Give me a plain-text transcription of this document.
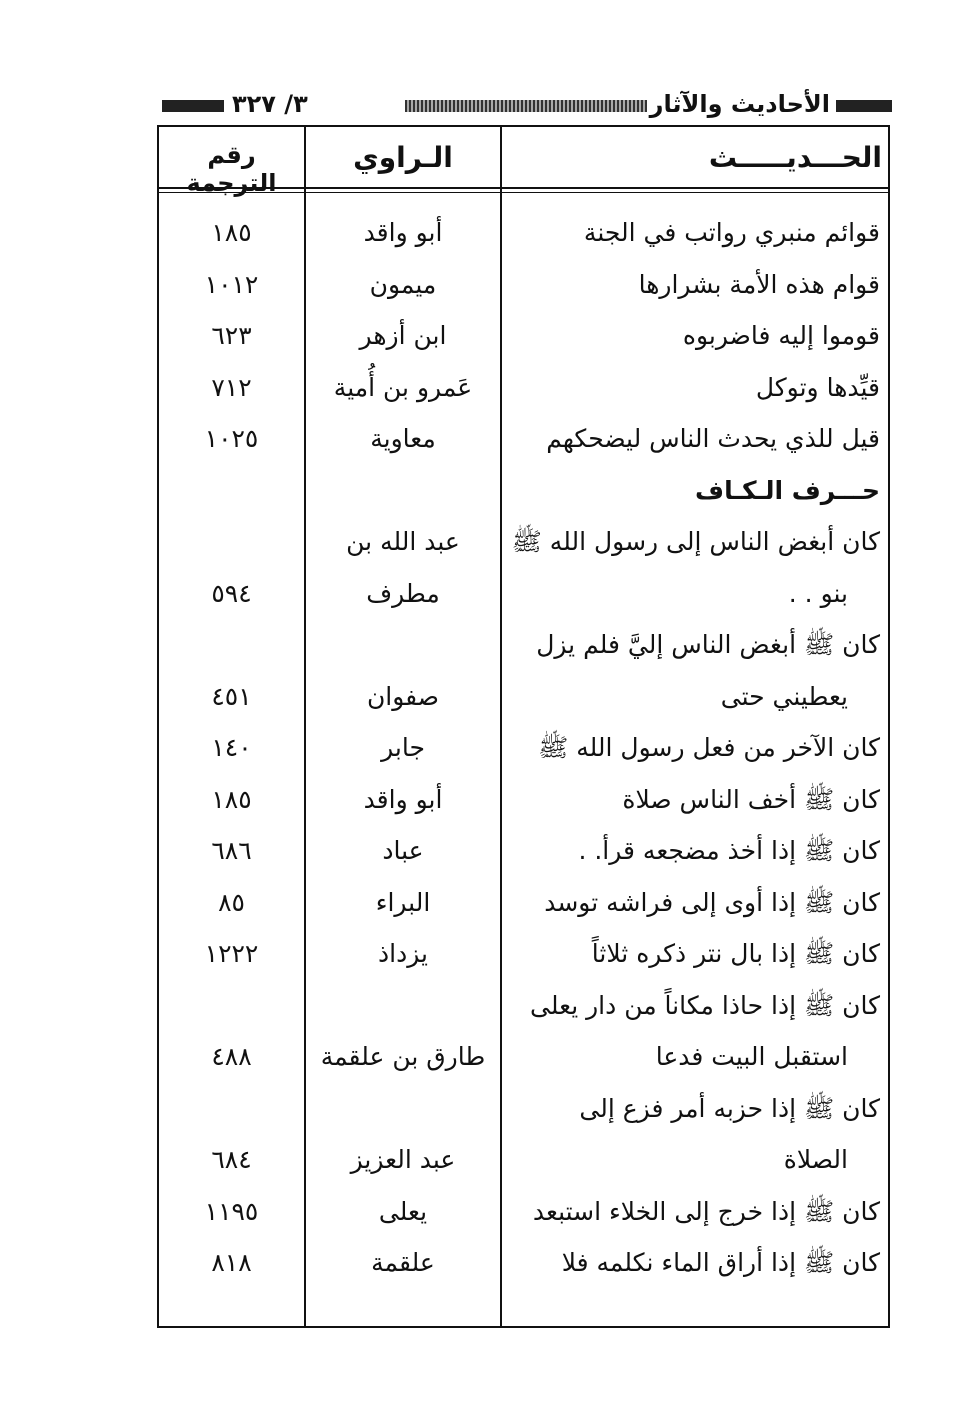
الأحاديث والآثار
٣/ ٣٢٧
الحـــديـــــث
الـراوي
رقم الترجمة
قوائم منبري رواتب في الجنة
أبو واقد
١٨٥
قوام هذه الأمة بشرارها
ميمون
١٠١٢
قوموا إليه فاضربوه
ابن أزهر
٦٢٣
قيِّدها وتوكل
عَمرو بن أُمية
٧١٢
قيل للذي يحدث الناس ليضحكهم
معاوية
١٠٢٥
حـــرف الـكـاف
كان أبغض الناس إلى رسول الله ﷺ
عبد الله بن
بنو . .
مطرف
٥٩٤
كان ﷺ أبغض الناس إليَّ فلم يزل
يعطيني حتى
صفوان
٤٥١
كان الآخر من فعل رسول الله ﷺ
جابر
١٤٠
كان ﷺ أخف الناس صلاة
أبو واقد
١٨٥
كان ﷺ إذا أخذ مضجعه قرأ. .
عباد
٦٨٦
كان ﷺ إذا أوى إلى فراشه توسد
البراء
٨٥
كان ﷺ إذا بال نتر ذكره ثلاثاً
يزداذ
١٢٢٢
كان ﷺ إذا حاذا مكاناً من دار يعلى
استقبل البيت فدعا
طارق بن علقمة
٤٨٨
كان ﷺ إذا حزبه أمر فزع إلى
الصلاة
عبد العزيز
٦٨٤
كان ﷺ إذا خرج إلى الخلاء استبعد
يعلى
١١٩٥
كان ﷺ إذا أراق الماء نكلمه فلا
علقمة
٨١٨
